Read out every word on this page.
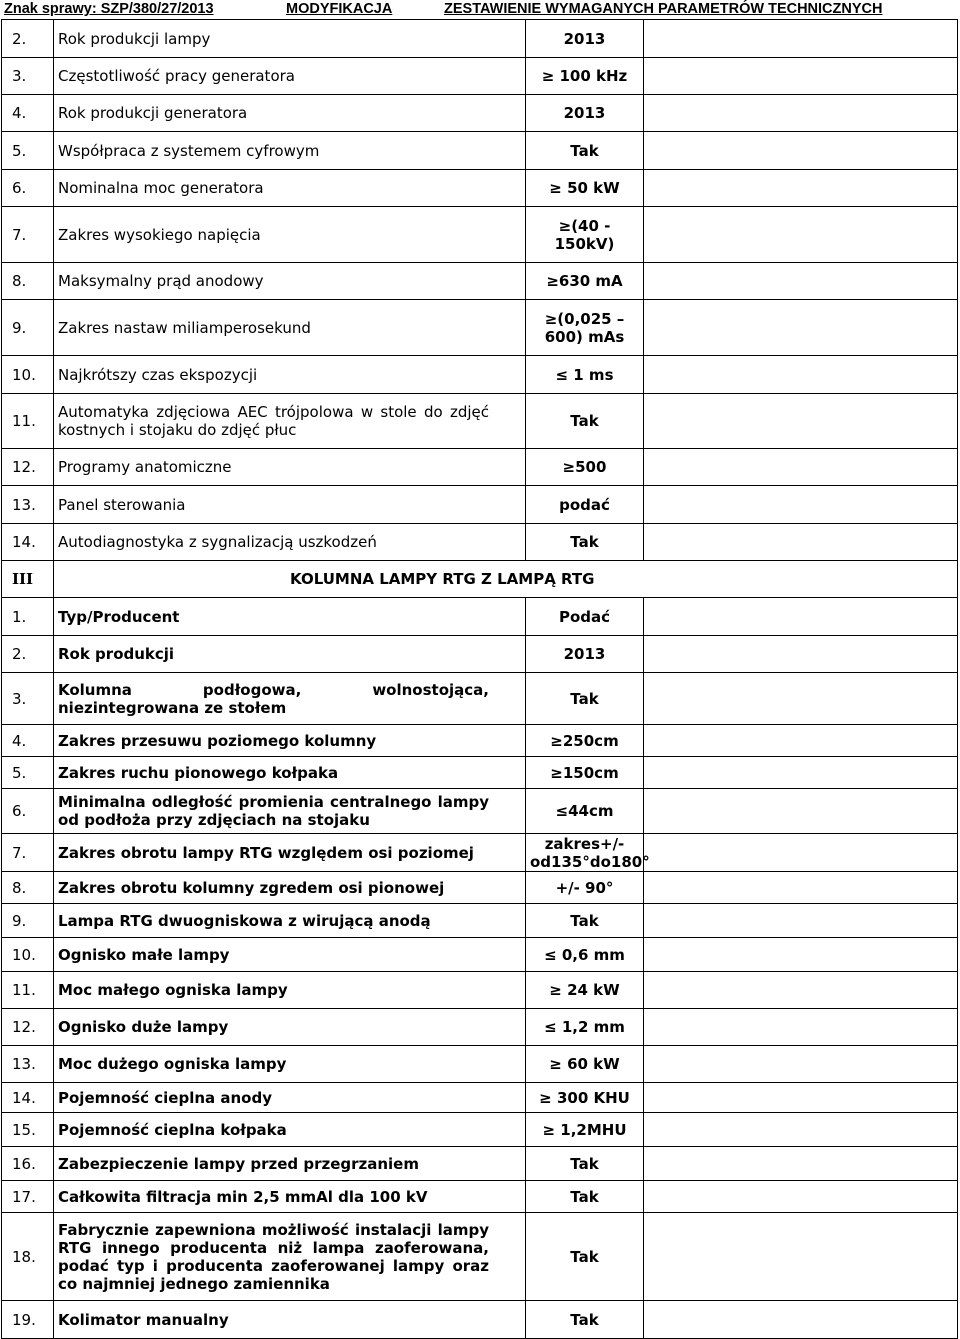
Znak sprawy: SZP/380/27/2013	MODYFIKACJA	ZESTAWIENIE WYMAGANYCH PARAMETRÓW TECHNICZNYCH
2.	Rok produkcji lampy	2013	
3.	Częstotliwość pracy generatora	≥ 100 kHz	
4.	Rok produkcji generatora	2013	
5.	Współpraca z systemem cyfrowym	Tak	
6.	Nominalna moc generatora	≥ 50 kW	
7.	Zakres wysokiego napięcia	≥(40 -
150kV)	
8.	Maksymalny prąd anodowy	≥630 mA	
9.	Zakres nastaw miliamperosekund	≥(0,025 –
600) mAs	
10.	Najkrótszy czas ekspozycji	≤ 1 ms	
11.	Automatyka zdjęciowa AEC trójpolowa w stole do zdjęć kostnych i stojaku do zdjęć płuc	Tak	
12.	Programy anatomiczne	≥500	
13.	Panel sterowania	podać	
14.	Autodiagnostyka z sygnalizacją uszkodzeń	Tak	
III	KOLUMNA LAMPY RTG Z LAMPĄ RTG		
1.	Typ/Producent	Podać	
2.	Rok produkcji	2013	
3.	Kolumna podłogowa, wolnostojąca, niezintegrowana ze stołem	Tak	
4.	Zakres przesuwu poziomego kolumny	≥250cm	
5.	Zakres ruchu pionowego kołpaka	≥150cm	
6.	Minimalna odległość promienia centralnego lampy od podłoża przy zdjęciach na stojaku	≤44cm	
7.	Zakres obrotu lampy RTG względem osi poziomej	zakres+/-
od135°do180°	
8.	Zakres obrotu kolumny zgredem osi pionowej	+/- 90°	
9.	Lampa RTG dwuogniskowa z wirującą anodą	Tak	
10.	Ognisko małe lampy	≤ 0,6 mm	
11.	Moc małego ogniska lampy	≥ 24 kW	
12.	Ognisko duże lampy	≤ 1,2 mm	
13.	Moc dużego ogniska lampy	≥ 60 kW	
14.	Pojemność cieplna anody	≥ 300 KHU	
15.	Pojemność cieplna kołpaka	≥ 1,2MHU	
16.	Zabezpieczenie lampy przed przegrzaniem	Tak	
17.	Całkowita filtracja min 2,5 mmAl dla 100 kV	Tak	
18.	Fabrycznie zapewniona możliwość instalacji lampy RTG innego producenta niż lampa zaoferowana, podać typ i producenta zaoferowanej lampy oraz co najmniej jednego zamiennika	Tak	
19.	Kolimator manualny	Tak	
